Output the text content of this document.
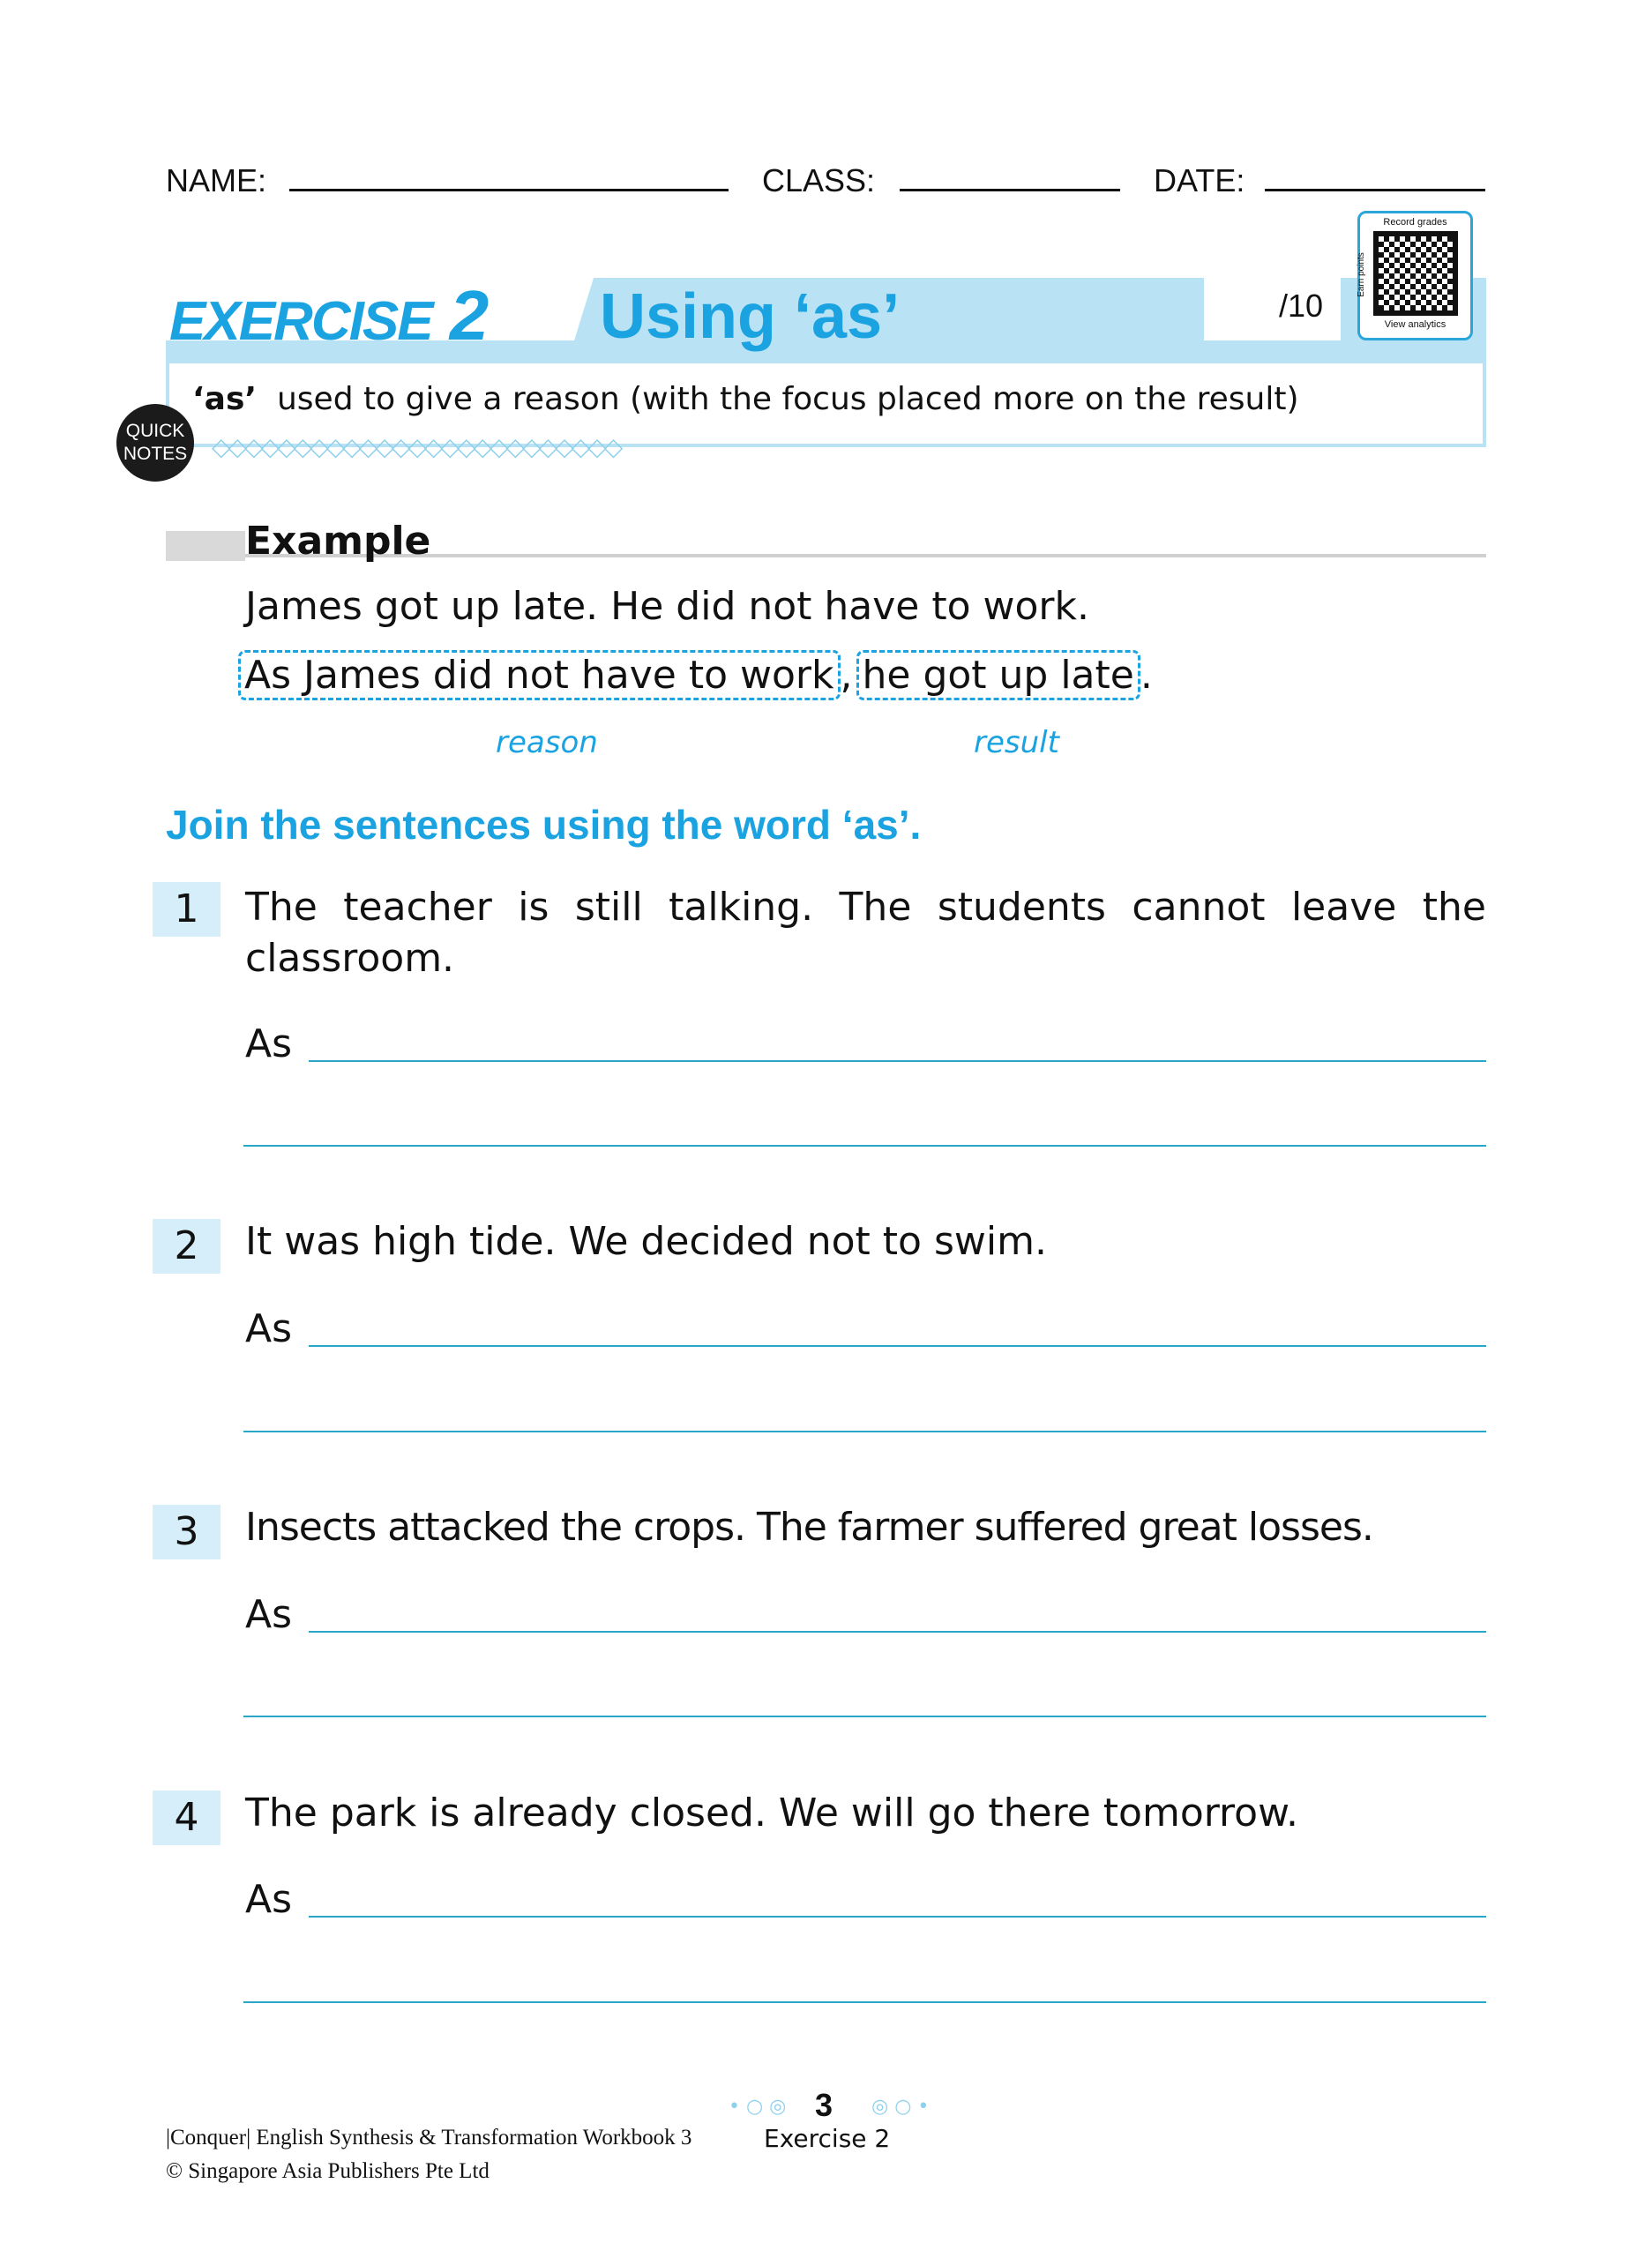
NAME:	CLASS:	DATE:
EXERCISE 2 Using ‘as’	/10
Record grades
View analytics
Earn points
‘as’ used to give a reason (with the focus placed more on the result)
◇◇◇◇◇◇◇◇◇◇◇◇◇◇◇◇◇◇◇◇◇◇◇◇◇
QUICK NOTES
Example
James got up late. He did not have to work.
As James did not have to work , he got up late .
reason	result
Join the sentences using the word ‘as’.
1	The teacher is still talking. The students cannot leave the classroom.
As
2	It was high tide. We decided not to swim.
As
3	Insects attacked the crops. The farmer suffered great losses.
As
4	The park is already closed. We will go there tomorrow.
As
|Conquer| English Synthesis & Transformation Workbook 3
© Singapore Asia Publishers Pte Ltd
• ○ ◎ 3 ◎ ○ •
Exercise 2
